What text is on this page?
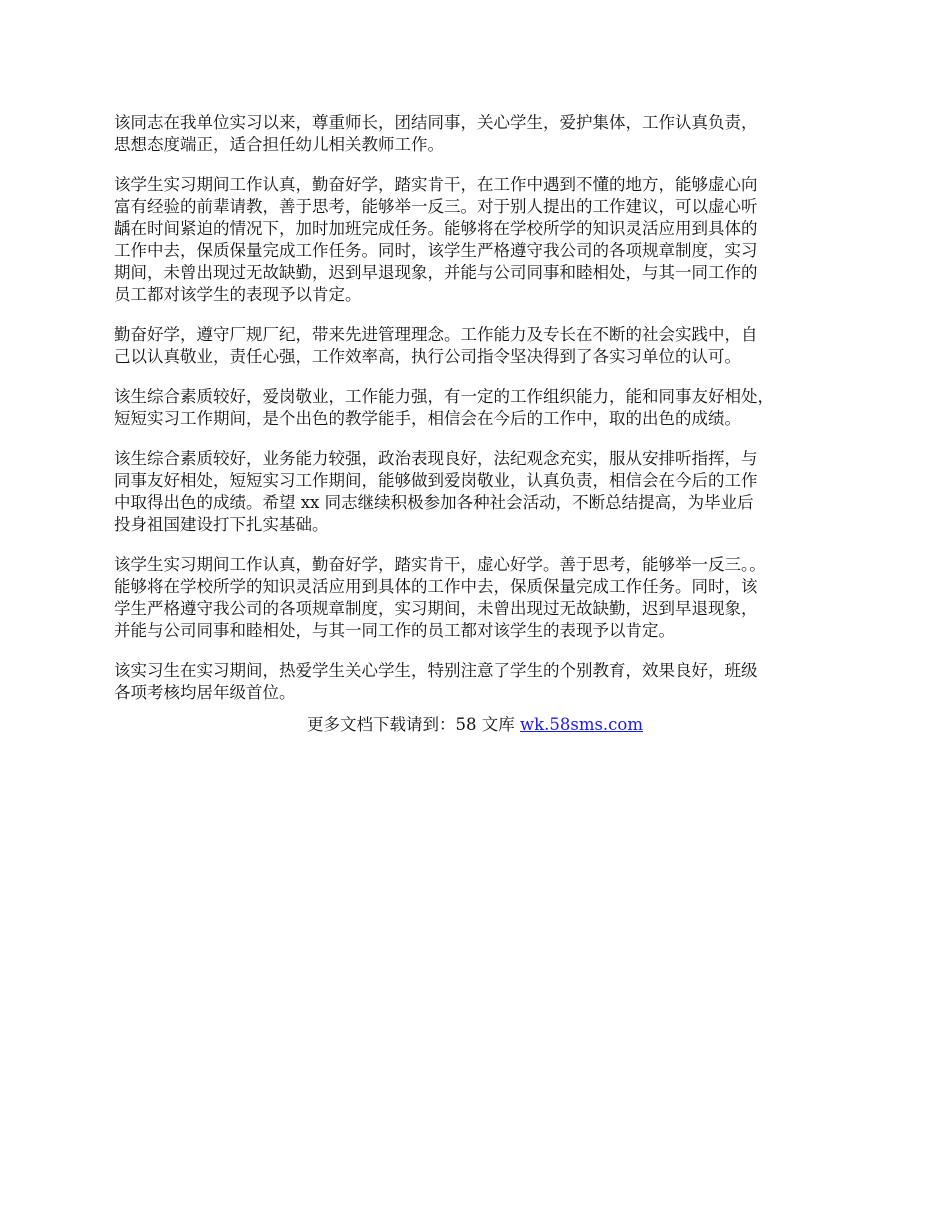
该同志在我单位实习以来，尊重师长，团结同事，关心学生，爱护集体，工作认真负责，
思想态度端正，适合担任幼儿相关教师工作。

该学生实习期间工作认真，勤奋好学，踏实肯干，在工作中遇到不懂的地方，能够虚心向
富有经验的前辈请教，善于思考，能够举一反三。对于别人提出的工作建议，可以虚心听
龋在时间紧迫的情况下，加时加班完成任务。能够将在学校所学的知识灵活应用到具体的
工作中去，保质保量完成工作任务。同时，该学生严格遵守我公司的各项规章制度，实习
期间，未曾出现过无故缺勤，迟到早退现象，并能与公司同事和睦相处，与其一同工作的
员工都对该学生的表现予以肯定。

勤奋好学，遵守厂规厂纪，带来先进管理理念。工作能力及专长在不断的社会实践中，自
己以认真敬业，责任心强，工作效率高，执行公司指令坚决得到了各实习单位的认可。

该生综合素质较好，爱岗敬业，工作能力强，有一定的工作组织能力，能和同事友好相处，
短短实习工作期间，是个出色的教学能手，相信会在今后的工作中，取的出色的成绩。

该生综合素质较好，业务能力较强，政治表现良好，法纪观念充实，服从安排听指挥，与
同事友好相处，短短实习工作期间，能够做到爱岗敬业，认真负责，相信会在今后的工作
中取得出色的成绩。希望 xx 同志继续积极参加各种社会活动，不断总结提高，为毕业后
投身祖国建设打下扎实基础。

该学生实习期间工作认真，勤奋好学，踏实肯干，虚心好学。善于思考，能够举一反三。。
能够将在学校所学的知识灵活应用到具体的工作中去，保质保量完成工作任务。同时，该
学生严格遵守我公司的各项规章制度，实习期间，未曾出现过无故缺勤，迟到早退现象，
并能与公司同事和睦相处，与其一同工作的员工都对该学生的表现予以肯定。

该实习生在实习期间，热爱学生关心学生，特别注意了学生的个别教育，效果良好，班级
各项考核均居年级首位。

更多文档下载请到：58 文库 wk.58sms.com
